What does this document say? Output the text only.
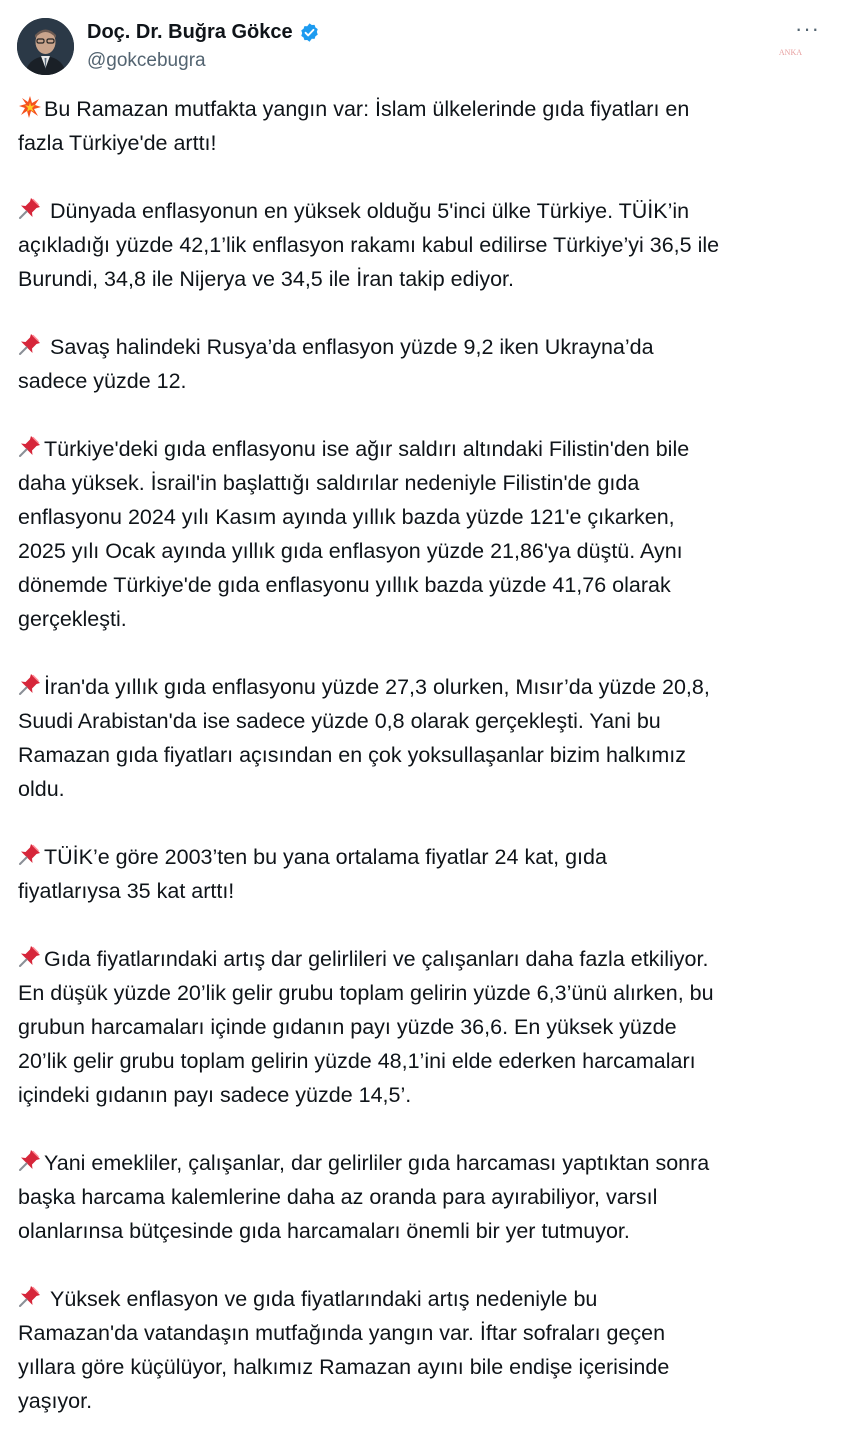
Doç. Dr. Buğra Gökce
@gokcebugra
···
ANKA
Bu Ramazan mutfakta yangın var: İslam ülkelerinde gıda fiyatları en
fazla Türkiye'de arttı!
Dünyada enflasyonun en yüksek olduğu 5'inci ülke Türkiye. TÜİK’in
açıkladığı yüzde 42,1’lik enflasyon rakamı kabul edilirse Türkiye’yi 36,5 ile
Burundi, 34,8 ile Nijerya ve 34,5 ile İran takip ediyor.
Savaş halindeki Rusya’da enflasyon yüzde 9,2 iken Ukrayna’da
sadece yüzde 12.
Türkiye'deki gıda enflasyonu ise ağır saldırı altındaki Filistin'den bile
daha yüksek. İsrail'in başlattığı saldırılar nedeniyle Filistin'de gıda
enflasyonu 2024 yılı Kasım ayında yıllık bazda yüzde 121'e çıkarken,
2025 yılı Ocak ayında yıllık gıda enflasyon yüzde 21,86'ya düştü. Aynı
dönemde Türkiye'de gıda enflasyonu yıllık bazda yüzde 41,76 olarak
gerçekleşti.
İran'da yıllık gıda enflasyonu yüzde 27,3 olurken, Mısır’da yüzde 20,8,
Suudi Arabistan'da ise sadece yüzde 0,8 olarak gerçekleşti. Yani bu
Ramazan gıda fiyatları açısından en çok yoksullaşanlar bizim halkımız
oldu.
TÜİK’e göre 2003’ten bu yana ortalama fiyatlar 24 kat, gıda
fiyatlarıysa 35 kat arttı!
Gıda fiyatlarındaki artış dar gelirlileri ve çalışanları daha fazla etkiliyor.
En düşük yüzde 20’lik gelir grubu toplam gelirin yüzde 6,3’ünü alırken, bu
grubun harcamaları içinde gıdanın payı yüzde 36,6. En yüksek yüzde
20’lik gelir grubu toplam gelirin yüzde 48,1’ini elde ederken harcamaları
içindeki gıdanın payı sadece yüzde 14,5’.
Yani emekliler, çalışanlar, dar gelirliler gıda harcaması yaptıktan sonra
başka harcama kalemlerine daha az oranda para ayırabiliyor, varsıl
olanlarınsa bütçesinde gıda harcamaları önemli bir yer tutmuyor.
Yüksek enflasyon ve gıda fiyatlarındaki artış nedeniyle bu
Ramazan'da vatandaşın mutfağında yangın var. İftar sofraları geçen
yıllara göre küçülüyor, halkımız Ramazan ayını bile endişe içerisinde
yaşıyor.
